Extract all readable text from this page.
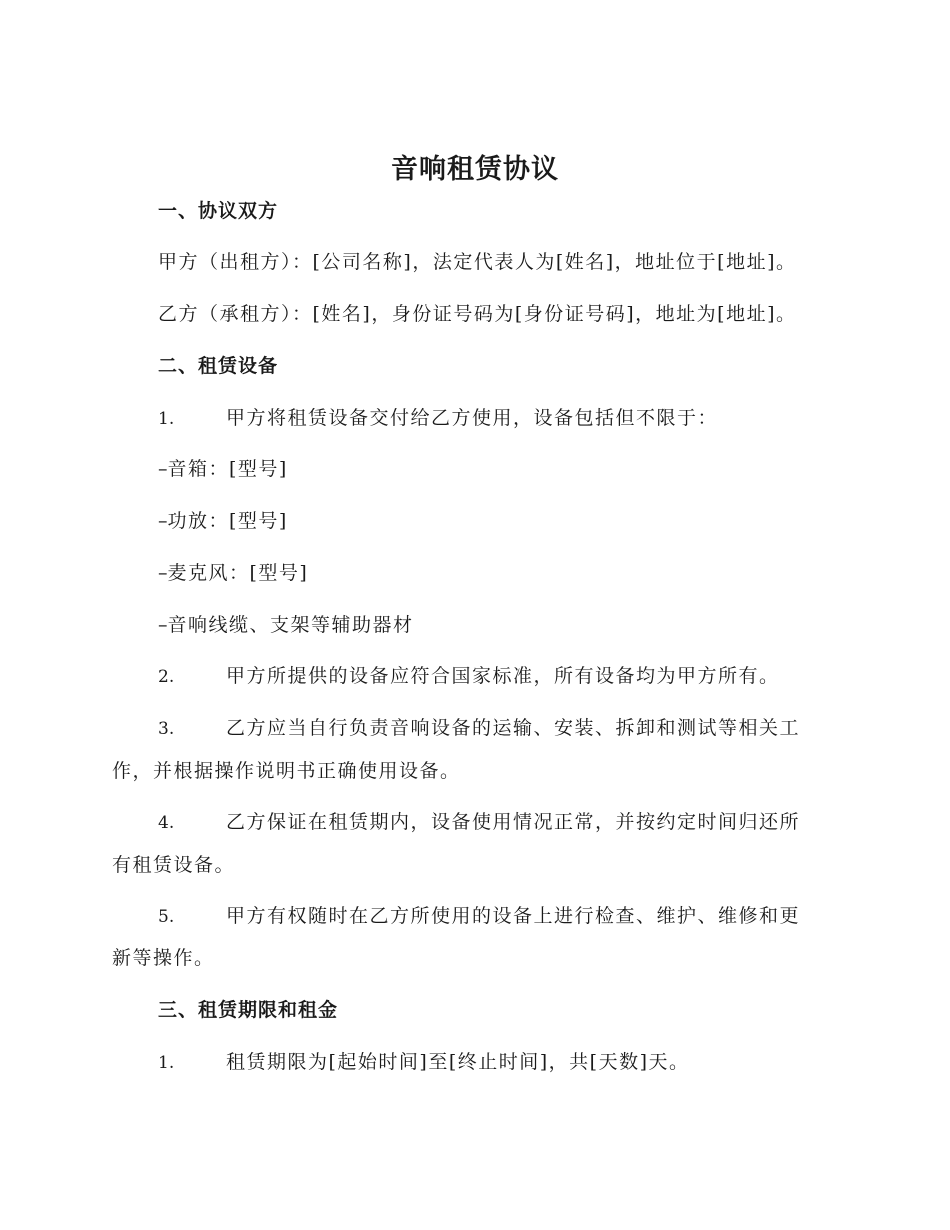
音响租赁协议
一、协议双方
甲方（出租方）：[公司名称]，法定代表人为[姓名]，地址位于[地址]。
乙方（承租方）：[姓名]，身份证号码为[身份证号码]，地址为[地址]。
二、租赁设备
1.	甲方将租赁设备交付给乙方使用，设备包括但不限于：
–音箱：[型号]
–功放：[型号]
–麦克风：[型号]
–音响线缆、支架等辅助器材
2.	甲方所提供的设备应符合国家标准，所有设备均为甲方所有。
3.	乙方应当自行负责音响设备的运输、安装、拆卸和测试等相关工
作，并根据操作说明书正确使用设备。
4.	乙方保证在租赁期内，设备使用情况正常，并按约定时间归还所
有租赁设备。
5.	甲方有权随时在乙方所使用的设备上进行检查、维护、维修和更
新等操作。
三、租赁期限和租金
1.	租赁期限为[起始时间]至[终止时间]，共[天数]天。
